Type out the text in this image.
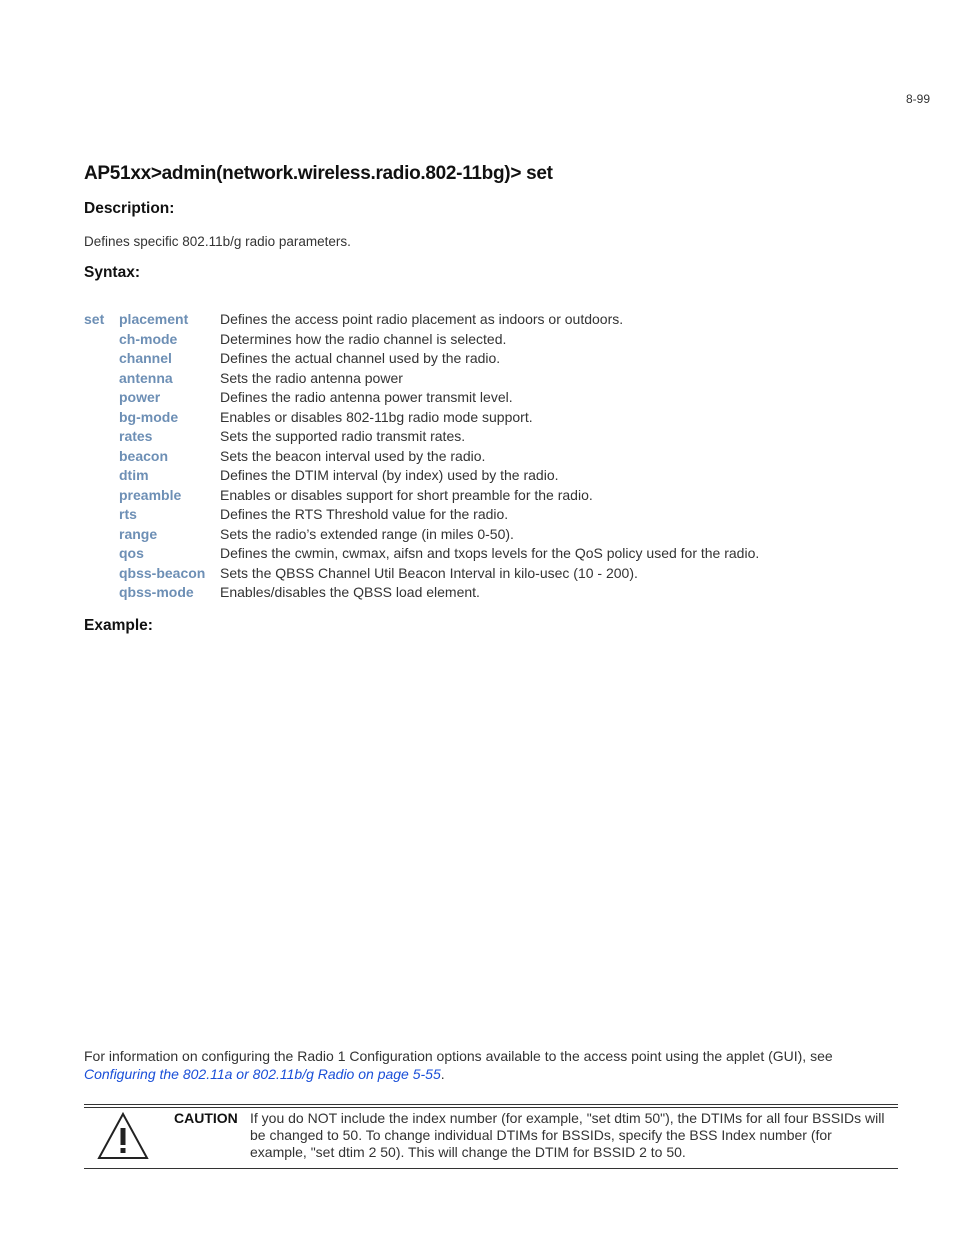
8-99
AP51xx>admin(network.wireless.radio.802-11bg)> set
Description:
Defines specific 802.11b/g radio parameters.
Syntax:
set	placement	Defines the access point radio placement as indoors or outdoors.
ch-mode	Determines how the radio channel is selected.
channel	Defines the actual channel used by the radio.
antenna	Sets the radio antenna power
power	Defines the radio antenna power transmit level.
bg-mode	Enables or disables 802-11bg radio mode support.
rates	Sets the supported radio transmit rates.
beacon	Sets the beacon interval used by the radio.
dtim	Defines the DTIM interval (by index) used by the radio.
preamble	Enables or disables support for short preamble for the radio.
rts	Defines the RTS Threshold value for the radio.
range	Sets the radio’s extended range (in miles 0-50).
qos	Defines the cwmin, cwmax, aifsn and txops levels for the QoS policy used for the radio.
qbss-beacon	Sets the QBSS Channel Util Beacon Interval in kilo-usec (10 - 200).
qbss-mode	Enables/disables the QBSS load element.
Example:
For information on configuring the Radio 1 Configuration options available to the access point using the applet (GUI), see
Configuring the 802.11a or 802.11b/g Radio on page 5-55.
CAUTION If you do NOT include the index number (for example, "set dtim 50"), the DTIMs for all four BSSIDs will be changed to 50. To change individual DTIMs for BSSIDs, specify the BSS Index number (for example, "set dtim 2 50). This will change the DTIM for BSSID 2 to 50.
